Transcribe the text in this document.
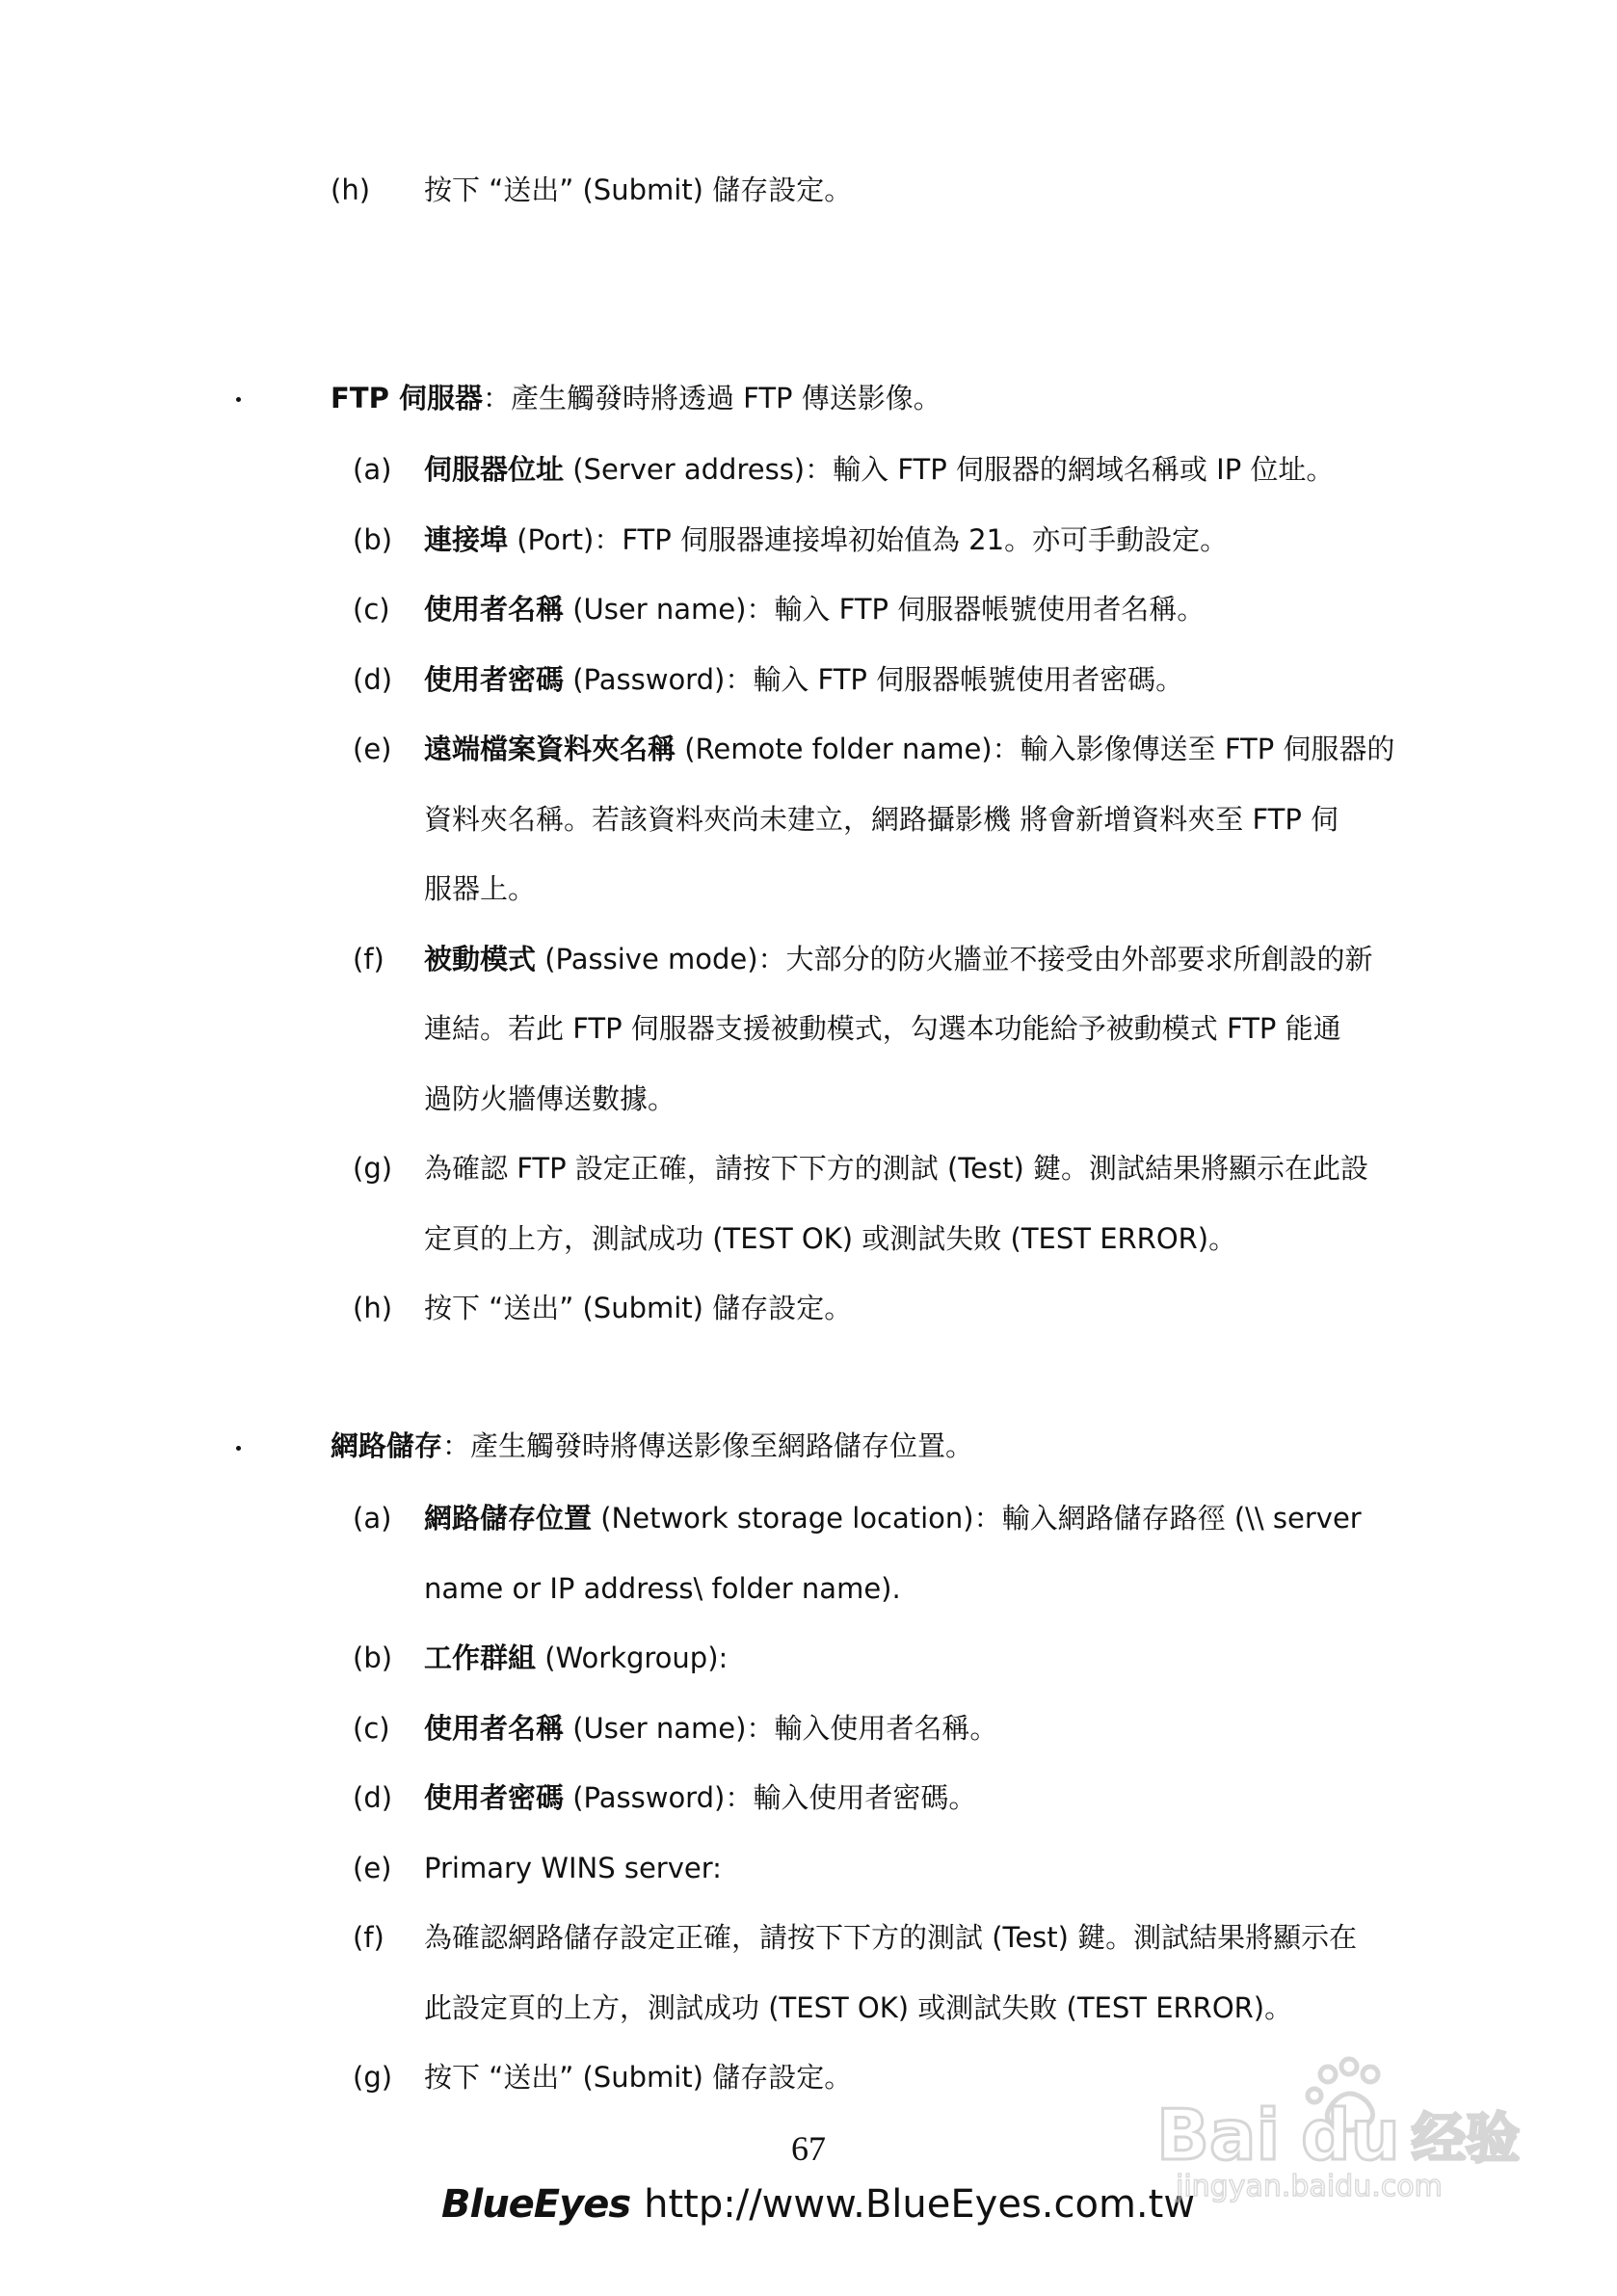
(h) 按下 “送出” (Submit) 儲存設定。
FTP 伺服器：產生觸發時將透過 FTP 傳送影像。
(a) 伺服器位址 (Server address)：輸入 FTP 伺服器的網域名稱或 IP 位址。
(b) 連接埠 (Port)：FTP 伺服器連接埠初始值為 21。亦可手動設定。
(c) 使用者名稱 (User name)：輸入 FTP 伺服器帳號使用者名稱。
(d) 使用者密碼 (Password)：輸入 FTP 伺服器帳號使用者密碼。
(e) 遠端檔案資料夾名稱 (Remote folder name)：輸入影像傳送至 FTP 伺服器的
資料夾名稱。若該資料夾尚未建立，網路攝影機 將會新增資料夾至 FTP 伺
服器上。
(f) 被動模式 (Passive mode)：大部分的防火牆並不接受由外部要求所創設的新
連結。若此 FTP 伺服器支援被動模式，勾選本功能給予被動模式 FTP 能通
過防火牆傳送數據。
(g) 為確認 FTP 設定正確，請按下下方的測試 (Test) 鍵。測試結果將顯示在此設
定頁的上方，測試成功 (TEST OK) 或測試失敗 (TEST ERROR)。
(h) 按下 “送出” (Submit) 儲存設定。
網路儲存：產生觸發時將傳送影像至網路儲存位置。
(a) 網路儲存位置 (Network storage location)：輸入網路儲存路徑 (\\ server
name or IP address\ folder name).
(b) 工作群組 (Workgroup):
(c) 使用者名稱 (User name)：輸入使用者名稱。
(d) 使用者密碼 (Password)：輸入使用者密碼。
(e) Primary WINS server:
(f) 為確認網路儲存設定正確，請按下下方的測試 (Test) 鍵。測試結果將顯示在
此設定頁的上方，測試成功 (TEST OK) 或測試失敗 (TEST ERROR)。
(g) 按下 “送出” (Submit) 儲存設定。
67
BlueEyes http://www.BlueEyes.com.tw
Bai du 经验
jingyan.baidu.com
